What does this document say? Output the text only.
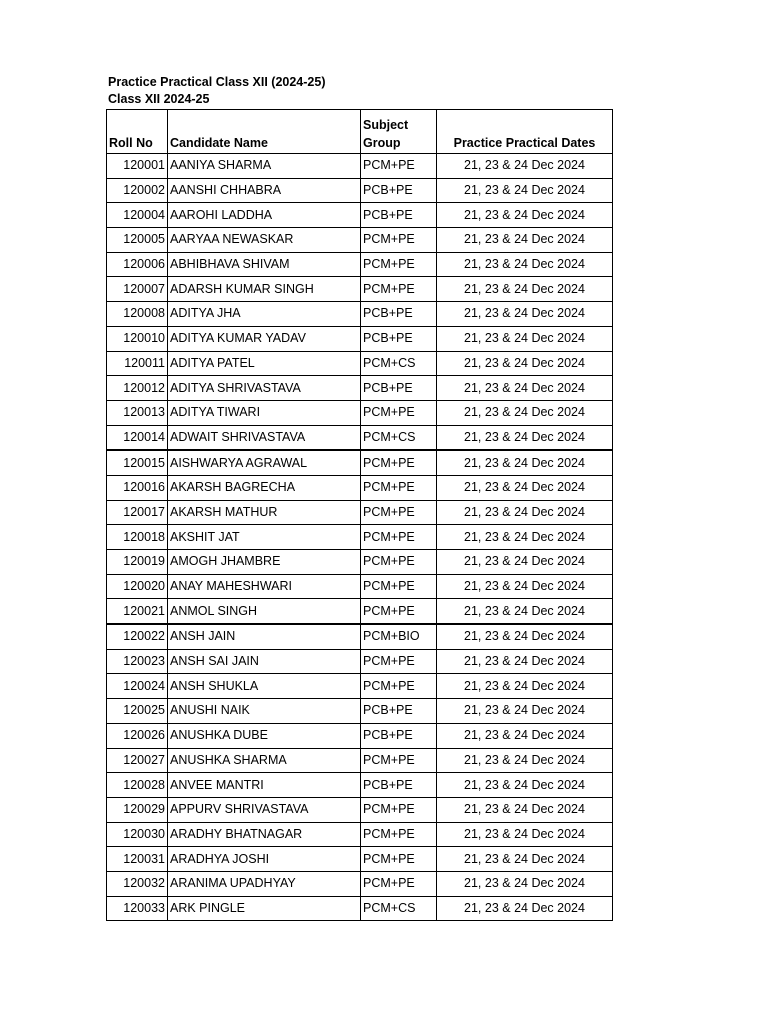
Practice Practical Class XII (2024-25)
Class XII 2024-25
Roll No	Candidate Name	Subject Group	Practice Practical Dates
120001	AANIYA SHARMA	PCM+PE	21, 23 & 24 Dec 2024
120002	AANSHI CHHABRA	PCB+PE	21, 23 & 24 Dec 2024
120004	AAROHI LADDHA	PCB+PE	21, 23 & 24 Dec 2024
120005	AARYAA NEWASKAR	PCM+PE	21, 23 & 24 Dec 2024
120006	ABHIBHAVA SHIVAM	PCM+PE	21, 23 & 24 Dec 2024
120007	ADARSH KUMAR SINGH	PCM+PE	21, 23 & 24 Dec 2024
120008	ADITYA JHA	PCB+PE	21, 23 & 24 Dec 2024
120010	ADITYA KUMAR YADAV	PCB+PE	21, 23 & 24 Dec 2024
120011	ADITYA PATEL	PCM+CS	21, 23 & 24 Dec 2024
120012	ADITYA SHRIVASTAVA	PCB+PE	21, 23 & 24 Dec 2024
120013	ADITYA TIWARI	PCM+PE	21, 23 & 24 Dec 2024
120014	ADWAIT SHRIVASTAVA	PCM+CS	21, 23 & 24 Dec 2024
120015	AISHWARYA AGRAWAL	PCM+PE	21, 23 & 24 Dec 2024
120016	AKARSH BAGRECHA	PCM+PE	21, 23 & 24 Dec 2024
120017	AKARSH MATHUR	PCM+PE	21, 23 & 24 Dec 2024
120018	AKSHIT JAT	PCM+PE	21, 23 & 24 Dec 2024
120019	AMOGH JHAMBRE	PCM+PE	21, 23 & 24 Dec 2024
120020	ANAY MAHESHWARI	PCM+PE	21, 23 & 24 Dec 2024
120021	ANMOL SINGH	PCM+PE	21, 23 & 24 Dec 2024
120022	ANSH JAIN	PCM+BIO	21, 23 & 24 Dec 2024
120023	ANSH SAI JAIN	PCM+PE	21, 23 & 24 Dec 2024
120024	ANSH SHUKLA	PCM+PE	21, 23 & 24 Dec 2024
120025	ANUSHI NAIK	PCB+PE	21, 23 & 24 Dec 2024
120026	ANUSHKA DUBE	PCB+PE	21, 23 & 24 Dec 2024
120027	ANUSHKA SHARMA	PCM+PE	21, 23 & 24 Dec 2024
120028	ANVEE MANTRI	PCB+PE	21, 23 & 24 Dec 2024
120029	APPURV SHRIVASTAVA	PCM+PE	21, 23 & 24 Dec 2024
120030	ARADHY BHATNAGAR	PCM+PE	21, 23 & 24 Dec 2024
120031	ARADHYA JOSHI	PCM+PE	21, 23 & 24 Dec 2024
120032	ARANIMA UPADHYAY	PCM+PE	21, 23 & 24 Dec 2024
120033	ARK PINGLE	PCM+CS	21, 23 & 24 Dec 2024
